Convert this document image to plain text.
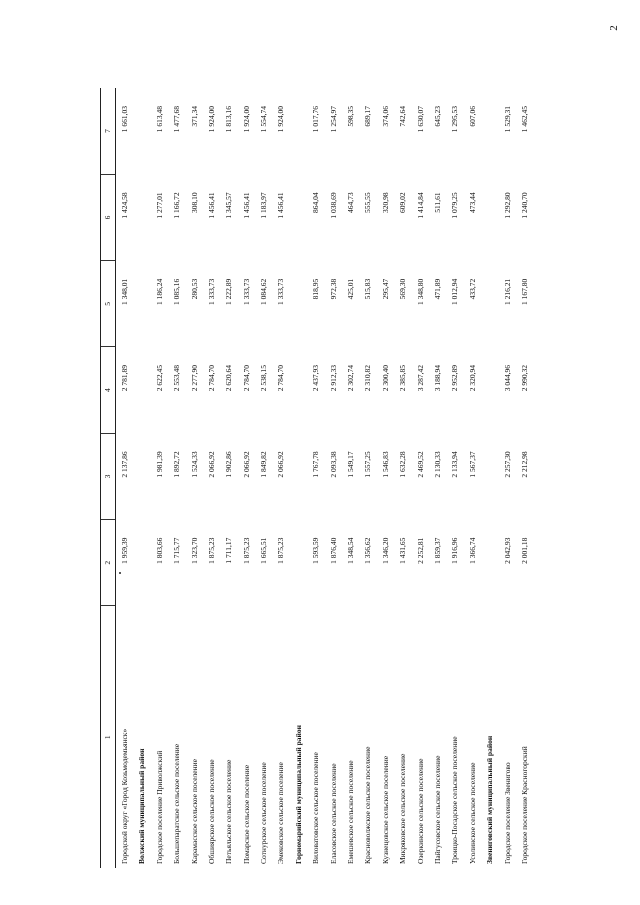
2
1	2	3	4	5	6	7
Городской округ «Город Козьмодемьянск»	1 959,39	2 137,86	2 781,89	1 348,01	1 424,58	1 661,03
Волжский муниципальный район						
Городское поселение Приволжский	1 803,66	1 981,39	2 622,45	1 186,24	1 277,01	1 613,48
Большепаратское сельское поселение	1 715,77	1 892,72	2 553,48	1 085,16	1 166,72	1 477,68
Карамасское сельское поселение	1 323,70	1 524,33	2 277,90	280,53	308,10	371,34
Обшиярское сельское поселение	1 875,23	2 066,92	2 784,70	1 333,73	1 456,41	1 924,00
Петьяльское сельское поселение	1 711,17	1 902,86	2 620,64	1 222,89	1 345,57	1 813,16
Помарское сельское поселение	1 875,23	2 066,92	2 784,70	1 333,73	1 456,41	1 924,00
Сотнурское сельское поселение	1 665,51	1 849,82	2 538,15	1 084,62	1 183,97	1 554,74
Эмековское сельское поселение	1 875,23	2 066,92	2 784,70	1 333,73	1 456,41	1 924,00
Горномарийский муниципальный район						
Виловатовское сельское поселение	1 593,59	1 767,78	2 437,93	818,95	864,04	1 017,76
Еласовское сельское поселение	1 876,40	2 093,38	2 912,33	972,38	1 038,69	1 254,97
Емешевское сельское поселение	1 348,54	1 549,17	2 302,74	425,01	464,73	598,35
Красноволжское сельское поселение	1 356,62	1 557,25	2 310,82	515,83	555,55	689,17
Кузнецовское сельское поселение	1 346,20	1 546,83	2 300,40	295,47	320,98	374,06
Микряковское сельское поселение	1 431,65	1 632,28	2 385,85	569,30	609,02	742,64
Озеркинское сельское поселение	2 252,81	2 469,52	3 287,42	1 348,80	1 414,84	1 630,07
Пайгусовское сельское поселение	1 859,37	2 130,33	3 188,94	471,89	511,61	645,23
Троицко-Посадское сельское поселение	1 916,96	2 133,94	2 952,89	1 012,94	1 079,25	1 295,53
Усолинское сельское поселение	1 366,74	1 567,37	2 320,94	433,72	473,44	607,06
Звениговский муниципальный район						
Городское поселение Звенигово	2 042,93	2 257,30	3 044,96	1 216,21	1 292,80	1 529,31
Городское поселение Красногорский	2 001,18	2 212,98	2 990,32	1 167,80	1 240,70	1 462,45
